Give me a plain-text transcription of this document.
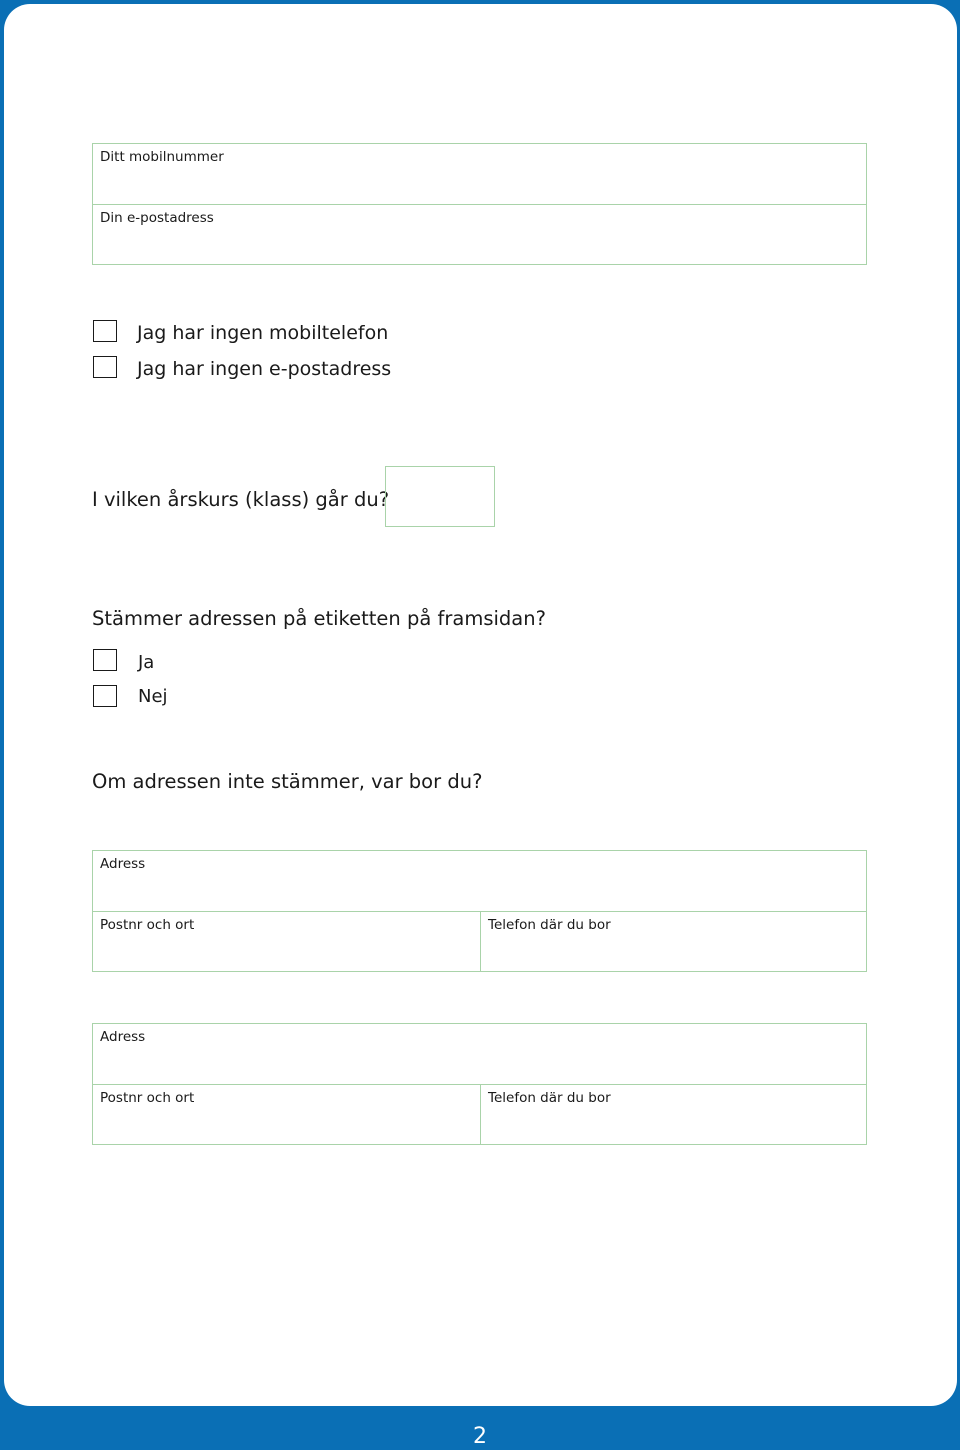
Ditt mobilnummer
Din e-postadress
Jag har ingen mobiltelefon
Jag har ingen e-postadress
I vilken årskurs (klass) går du?
Stämmer adressen på etiketten på framsidan?
Ja
Nej
Om adressen inte stämmer, var bor du?
Adress
Postnr och ort	Telefon där du bor
Adress
Postnr och ort	Telefon där du bor
2
